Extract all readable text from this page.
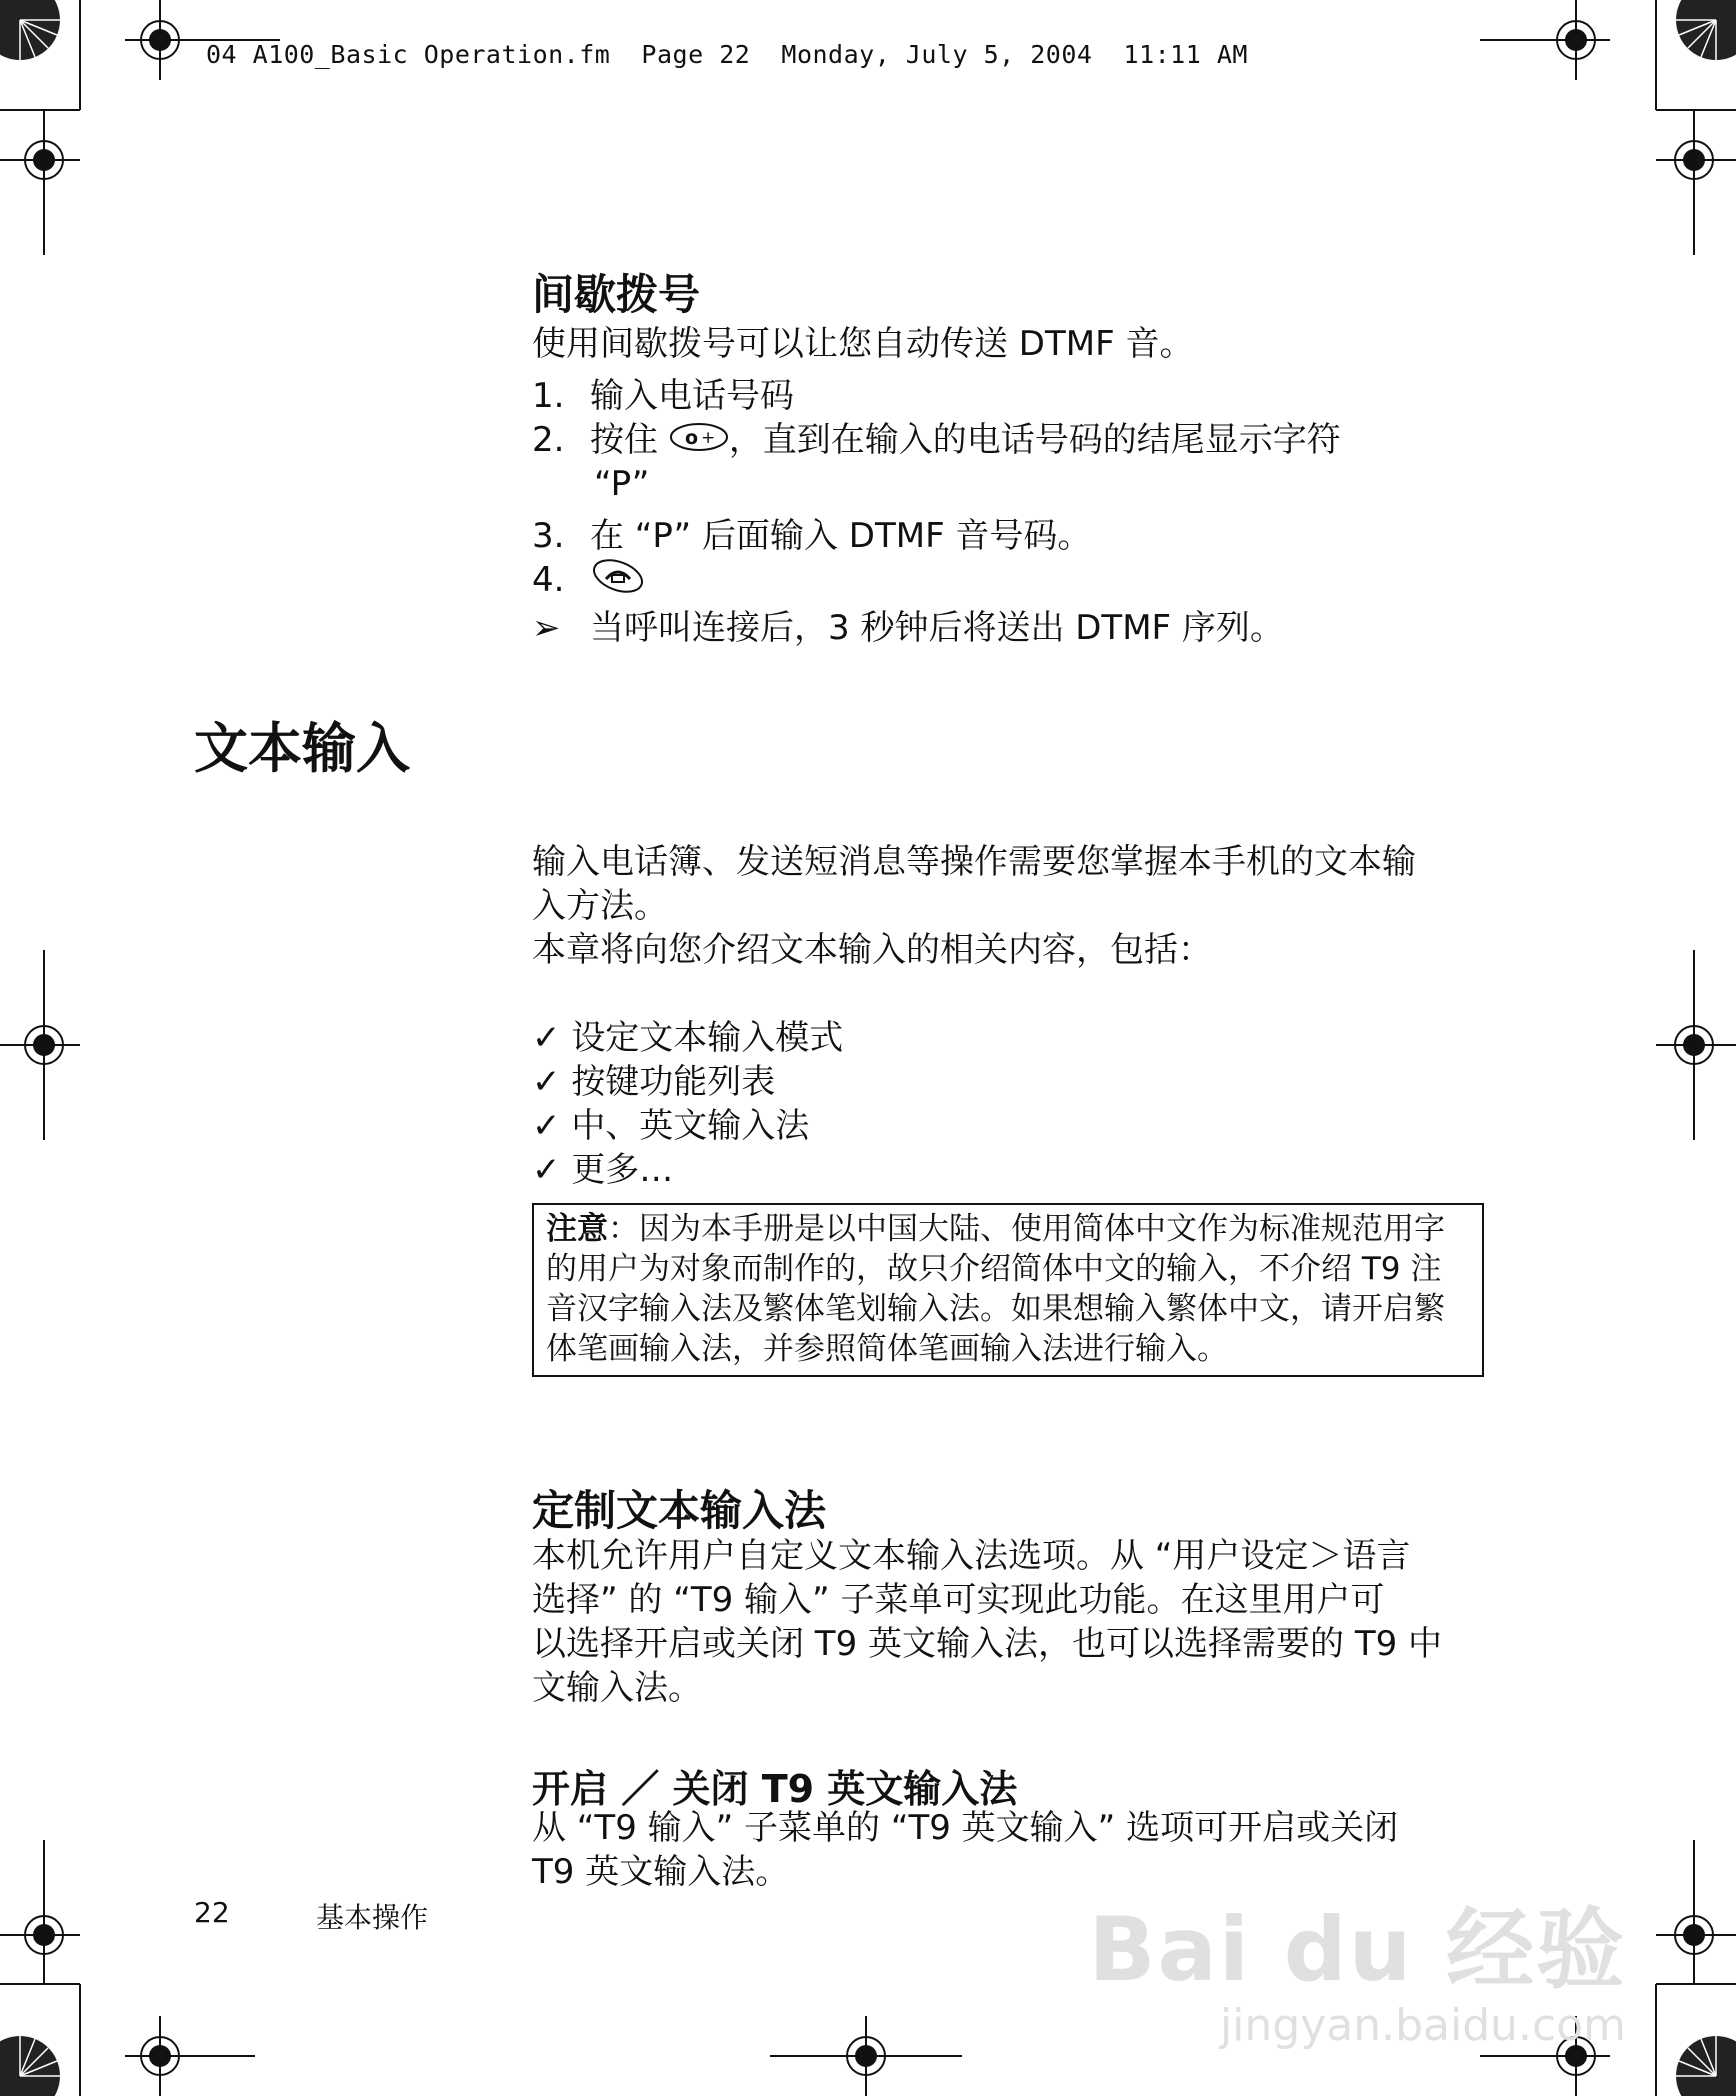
04 A100_Basic Operation.fm  Page 22  Monday, July 5, 2004  11:11 AM
间歇拨号
使用间歇拨号可以让您自动传送 DTMF 音。
1. 输入电话号码
2. 按住 o + ，直到在输入的电话号码的结尾显示字符
“P”
3. 在 “P” 后面输入 DTMF 音号码。
4.
➢ 当呼叫连接后，3 秒钟后将送出 DTMF 序列。
文本输入
输入电话簿、发送短消息等操作需要您掌握本手机的文本输
入方法。
本章将向您介绍文本输入的相关内容，包括：
✓ 设定文本输入模式
✓ 按键功能列表
✓ 中、英文输入法
✓ 更多…
注意：因为本手册是以中国大陆、使用简体中文作为标准规范用字
的用户为对象而制作的，故只介绍简体中文的输入，不介绍 T9 注
音汉字输入法及繁体笔划输入法。如果想输入繁体中文，请开启繁
体笔画输入法，并参照简体笔画输入法进行输入。
定制文本输入法
本机允许用户自定义文本输入法选项。从 “用户设定＞语言
选择” 的 “T9 输入” 子菜单可实现此功能。在这里用户可
以选择开启或关闭 T9 英文输入法，也可以选择需要的 T9 中
文输入法。
开启 ／ 关闭 T9 英文输入法
从 “T9 输入” 子菜单的 “T9 英文输入” 选项可开启或关闭
T9 英文输入法。
22	基本操作	Bai du 经验
jingyan.baidu.com
